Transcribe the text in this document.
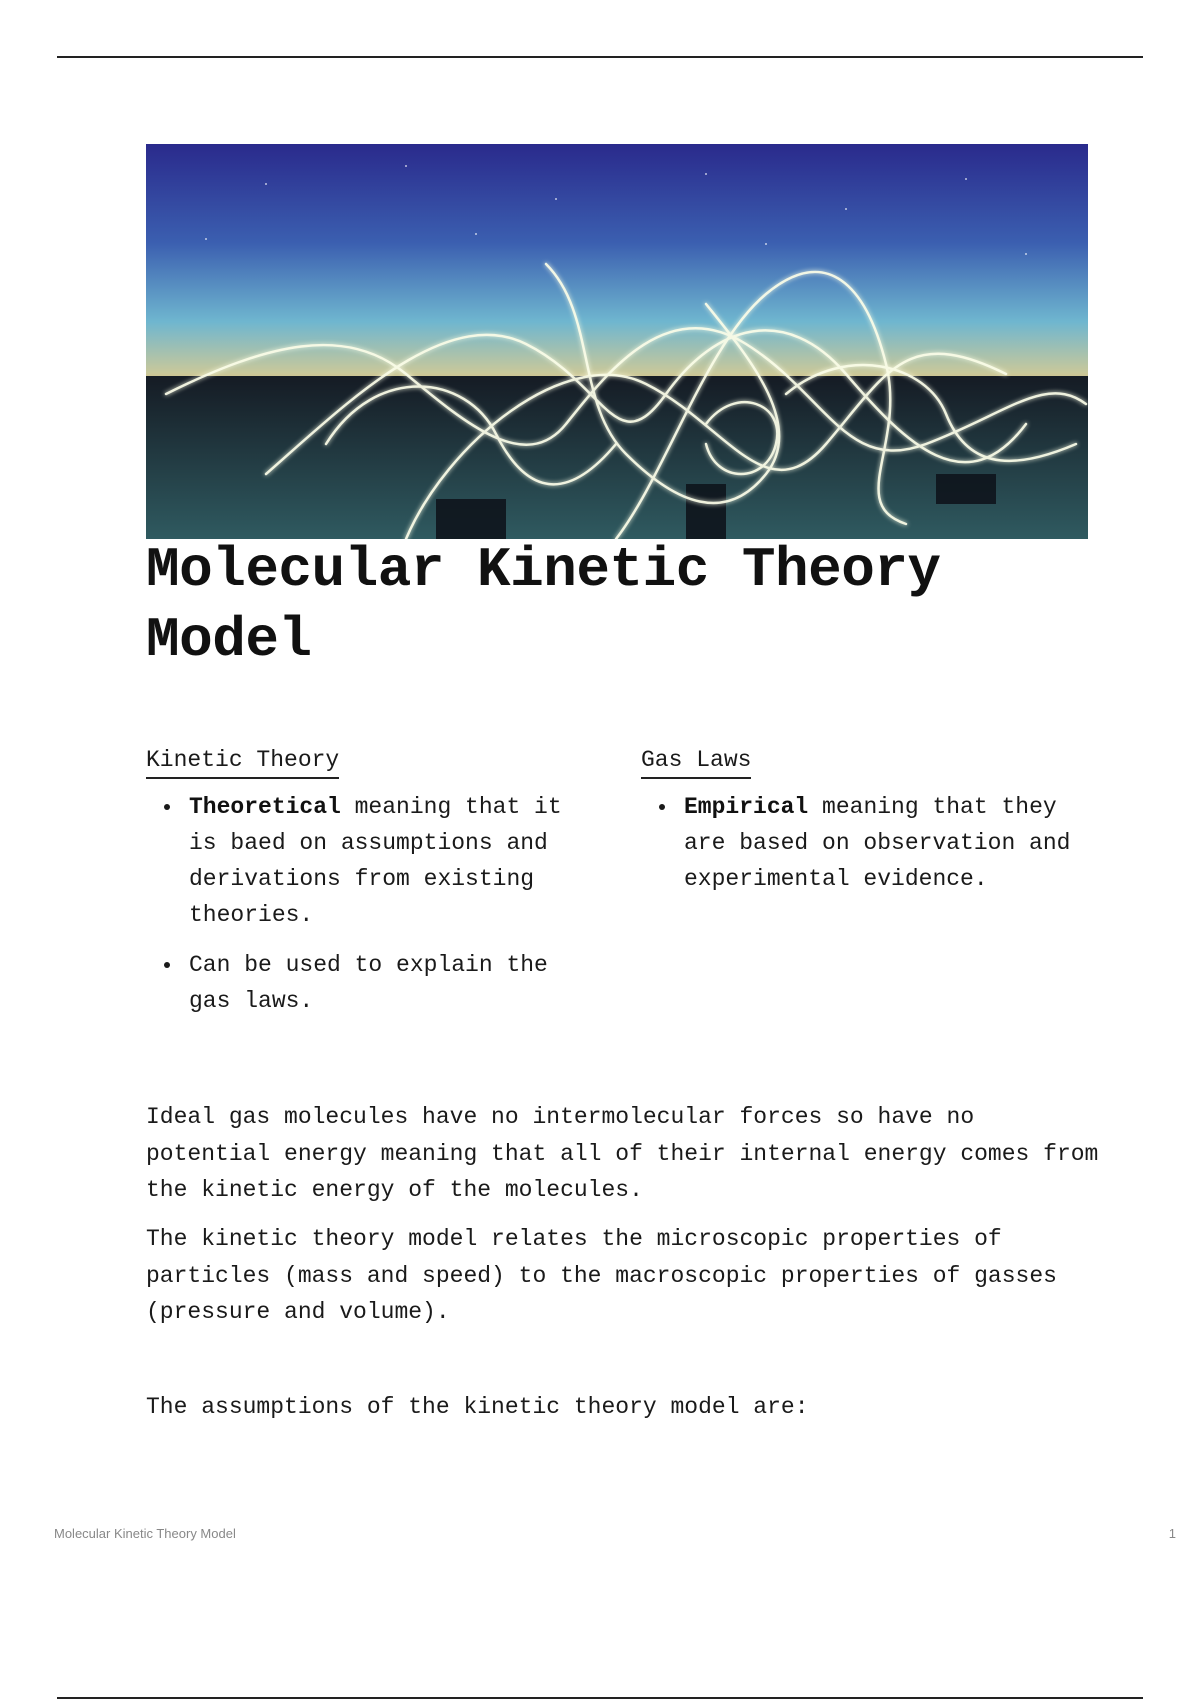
Molecular Kinetic Theory Model
Kinetic Theory
Theoretical meaning that it is baed on assumptions and derivations from existing theories.
Can be used to explain the gas laws.
Gas Laws
Empirical meaning that they are based on observation and experimental evidence.

Ideal gas molecules have no intermolecular forces so have no potential energy meaning that all of their internal energy comes from the kinetic energy of the molecules.

The kinetic theory model relates the microscopic properties of particles (mass and speed) to the macroscopic properties of gasses (pressure and volume).

The assumptions of the kinetic theory model are:

Molecular Kinetic Theory Model	1
